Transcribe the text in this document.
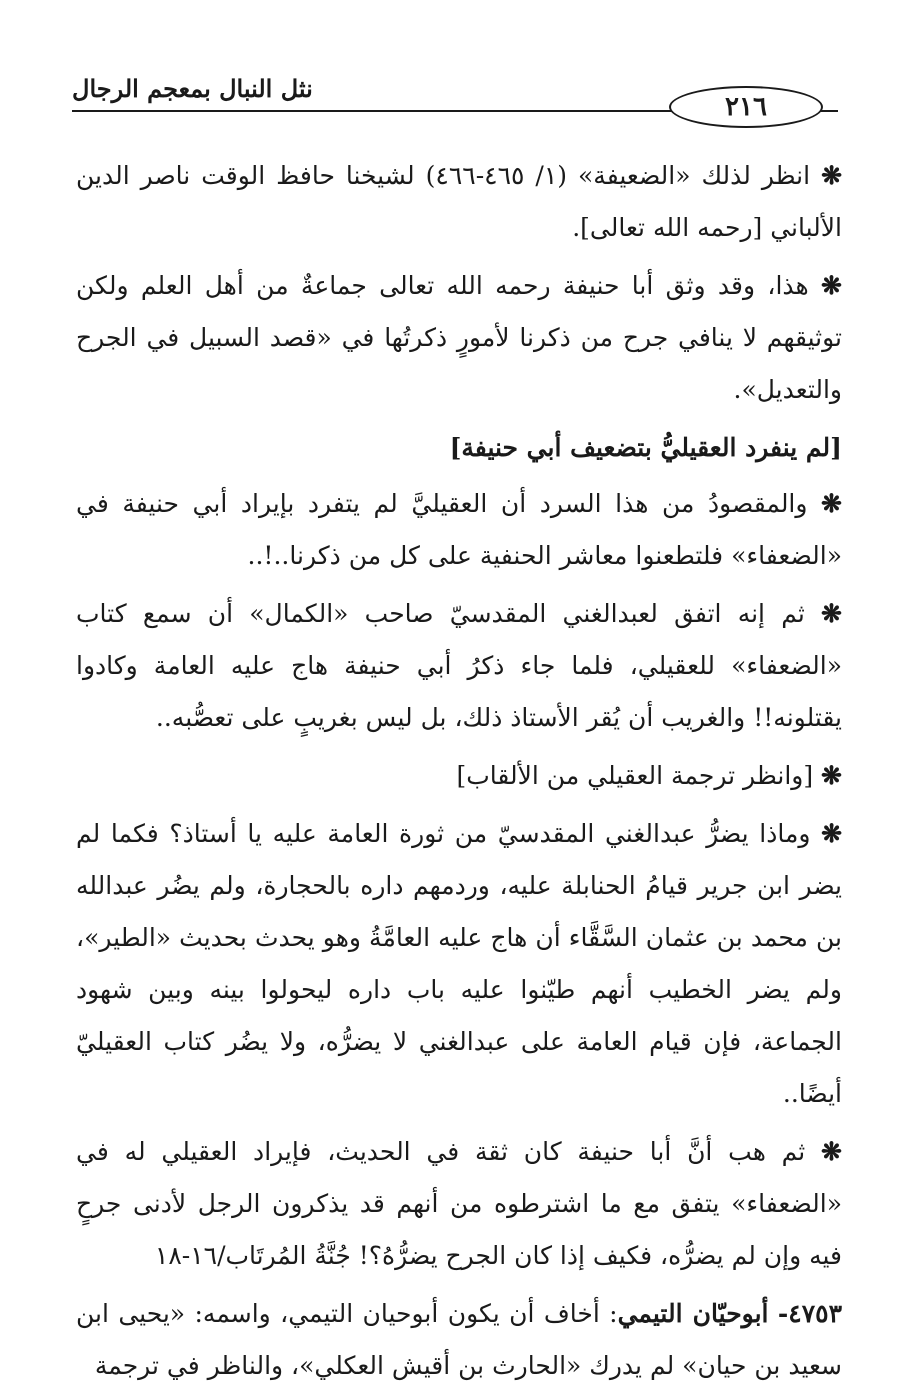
نثل النبال بمعجم الرجال
٢١٦

❋ انظر لذلك «الضعيفة» (١/ ٤٦٥-٤٦٦) لشيخنا حافظ الوقت ناصر الدين الألباني [رحمه الله تعالى].

❋ هذا، وقد وثق أبا حنيفة رحمه الله تعالى جماعةٌ من أهل العلم ولكن توثيقهم لا ينافي جرح من ذكرنا لأمورٍ ذكرتُها في «قصد السبيل في الجرح والتعديل».

[لم ينفرد العقيليُّ بتضعيف أبي حنيفة]

❋ والمقصودُ من هذا السرد أن العقيليَّ لم يتفرد بإيراد أبي حنيفة في «الضعفاء» فلتطعنوا معاشر الحنفية على كل من ذكرنا..!..

❋ ثم إنه اتفق لعبدالغني المقدسيّ صاحب «الكمال» أن سمع كتاب «الضعفاء» للعقيلي، فلما جاء ذكرُ أبي حنيفة هاج عليه العامة وكادوا يقتلونه!! والغريب أن يُقر الأستاذ ذلك، بل ليس بغريبٍ على تعصُّبه..

❋ [وانظر ترجمة العقيلي من الألقاب]

❋ وماذا يضرُّ عبدالغني المقدسيّ من ثورة العامة عليه يا أستاذ؟ فكما لم يضر ابن جرير قيامُ الحنابلة عليه، وردمهم داره بالحجارة، ولم يضُر عبدالله بن محمد بن عثمان السَّقَّاء أن هاج عليه العامَّةُ وهو يحدث بحديث «الطير»، ولم يضر الخطيب أنهم طيّنوا عليه باب داره ليحولوا بينه وبين شهود الجماعة، فإن قيام العامة على عبدالغني لا يضرُّه، ولا يضُر كتاب العقيليّ أيضًا..

❋ ثم هب أنَّ أبا حنيفة كان ثقة في الحديث، فإيراد العقيلي له في «الضعفاء» يتفق مع ما اشترطوه من أنهم قد يذكرون الرجل لأدنى جرحٍ فيه وإن لم يضرُّه، فكيف إذا كان الجرح يضرُّهُ؟! جُنَّةُ المُرتَاب/١٦-١٨

٤٧٥٣- أبوحيّان التيمي: أخاف أن يكون أبوحيان التيمي، واسمه: «يحيى ابن سعيد بن حيان» لم يدرك «الحارث بن أقيش العكلي»، والناظر في ترجمة
